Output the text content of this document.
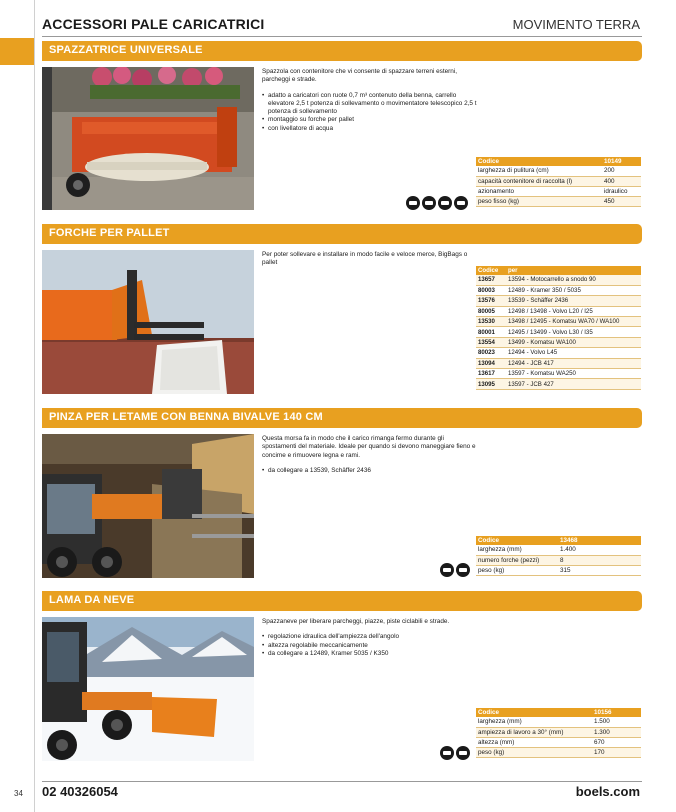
ACCESSORI PALE CARICATRICI	MOVIMENTO TERRA
SPAZZATRICE UNIVERSALE

Spazzola con contenitore che vi consente di spazzare terreni esterni, parcheggi e strade.

• adatto a caricatori con ruote 0,7 m³ contenuto della benna, carrello elevatore 2,5 t potenza di sollevamento o movimentatore telescopico 2,5 t potenza di sollevamento
• montaggio su forche per pallet
• con livellatore di acqua
Codice	10149
larghezza di pulitura (cm)	200
capacità contenitore di raccolta (l)	400
azionamento	idraulico
peso fisso (kg)	450
FORCHE PER PALLET

Per poter sollevare e installare in modo facile e veloce merce, BigBags o pallet

Codice	per
13657	13594 - Motocarrello a snodo 90
80003	12489 - Kramer 350 / 5035
13576	13539 - Schäffer 2436
80005	12498 / 13498 - Volvo L20 / I25
13530	13498 / 12495 - Komatsu WA70 / WA100
80001	12495 / 13499 - Volvo L30 / I35
13554	13499 - Komatsu WA100
80023	12494 - Volvo L45
13094	12494 - JCB 417
13617	13597 - Komatsu WA250
13095	13597 - JCB 427
PINZA PER LETAME CON BENNA BIVALVE 140 CM

Questa morsa fa in modo che il carico rimanga fermo durante gli spostamenti del materiale. Ideale per quando si devono maneggiare fieno e concime e rimuovere legna e rami.

• da collegare a 13539, Schäffer 2436
Codice	13468
larghezza (mm)	1.400
numero forche (pezzi)	8
peso (kg)	315
LAMA DA NEVE

Spazzaneve per liberare parcheggi, piazze, piste ciclabili e strade.

• regolazione idraulica dell'ampiezza dell'angolo
• altezza regolabile meccanicamente
• da collegare a 12489, Kramer 5035 / K350
Codice	10156
larghezza (mm)	1.500
ampiezza di lavoro a 30° (mm)	1.300
altezza (mm)	670
peso (kg)	170
34 02 40326054	boels.com
